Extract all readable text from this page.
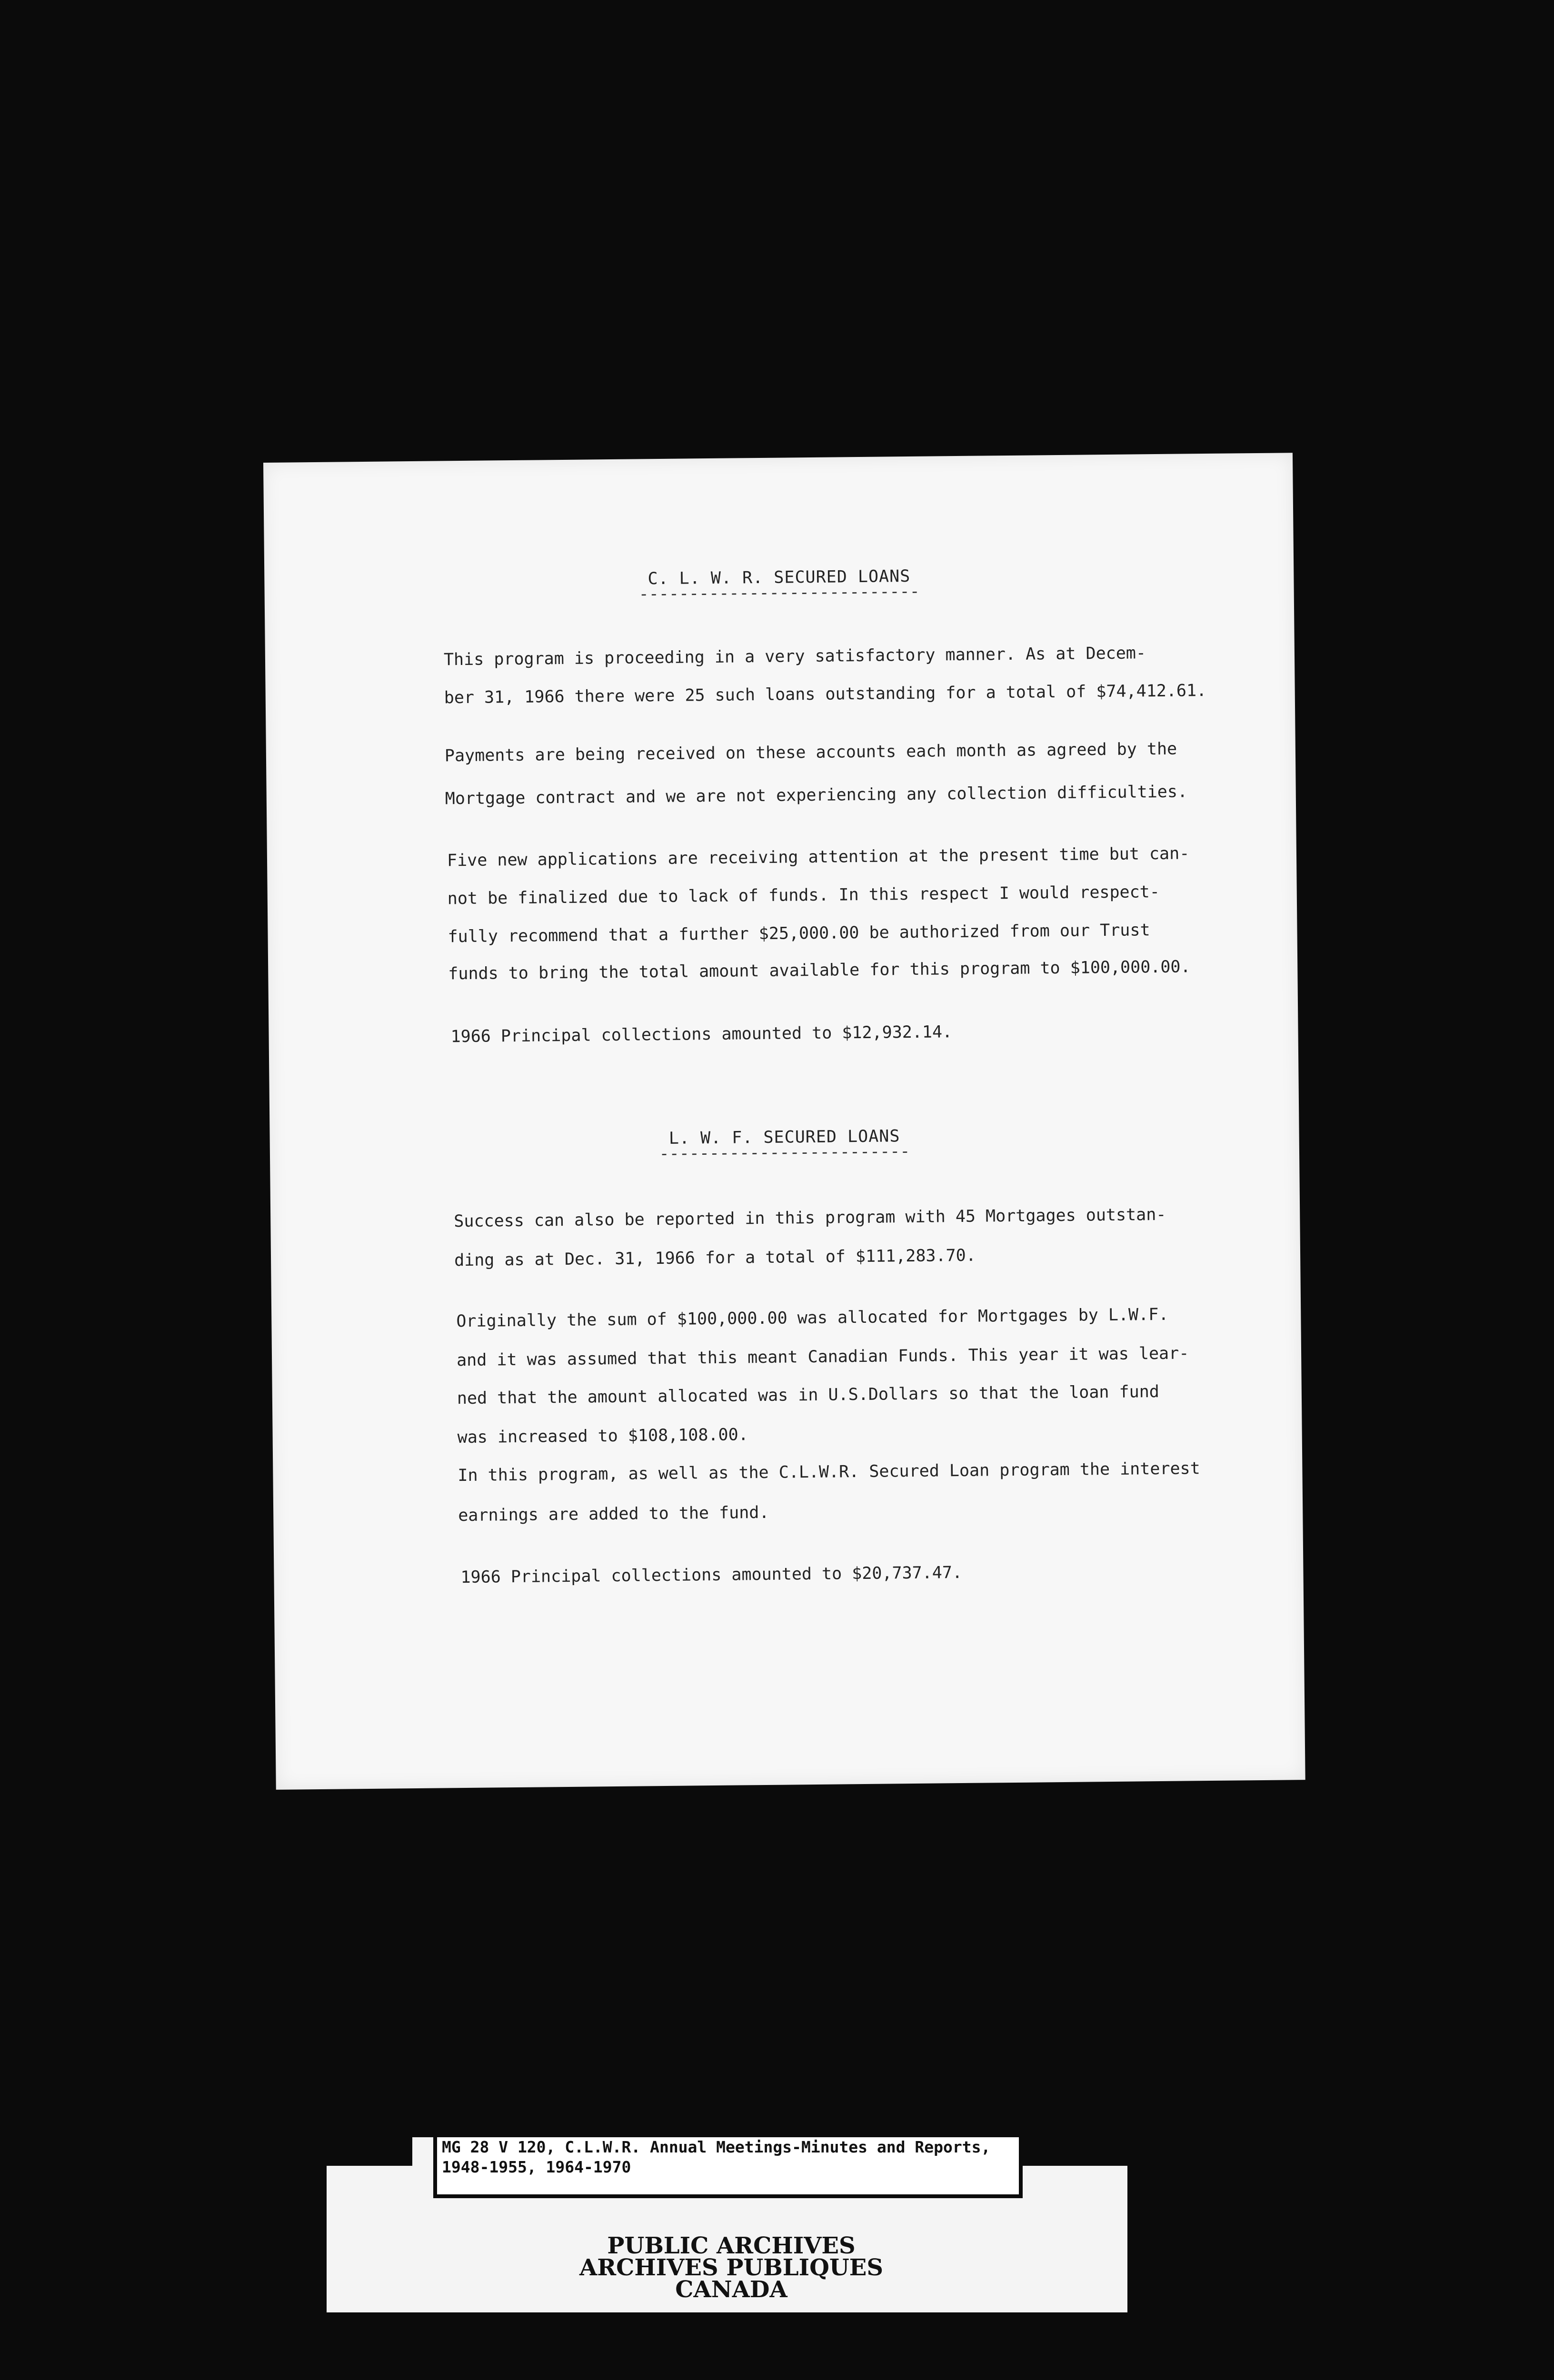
C. L. W. R. SECURED LOANS
----------------------------
This program is proceeding in a very satisfactory manner. As at Decem-
ber 31, 1966 there were 25 such loans outstanding for a total of $74,412.61.
Payments are being received on these accounts each month as agreed by the
Mortgage contract and we are not experiencing any collection difficulties.
Five new applications are receiving attention at the present time but can-
not be finalized due to lack of funds. In this respect I would respect-
fully recommend that a further $25,000.00 be authorized from our Trust
funds to bring the total amount available for this program to $100,000.00.
1966 Principal collections amounted to $12,932.14.
L. W. F. SECURED LOANS
-------------------------
Success can also be reported in this program with 45 Mortgages outstan-
ding as at Dec. 31, 1966 for a total of $111,283.70.
Originally the sum of $100,000.00 was allocated for Mortgages by L.W.F.
and it was assumed that this meant Canadian Funds. This year it was lear-
ned that the amount allocated was in U.S.Dollars so that the loan fund
was increased to $108,108.00.
In this program, as well as the C.L.W.R. Secured Loan program the interest
earnings are added to the fund.
1966 Principal collections amounted to $20,737.47.
MG 28 V 120, C.L.W.R. Annual Meetings-Minutes and Reports,
1948-1955, 1964-1970
PUBLIC ARCHIVES
ARCHIVES PUBLIQUES
CANADA
